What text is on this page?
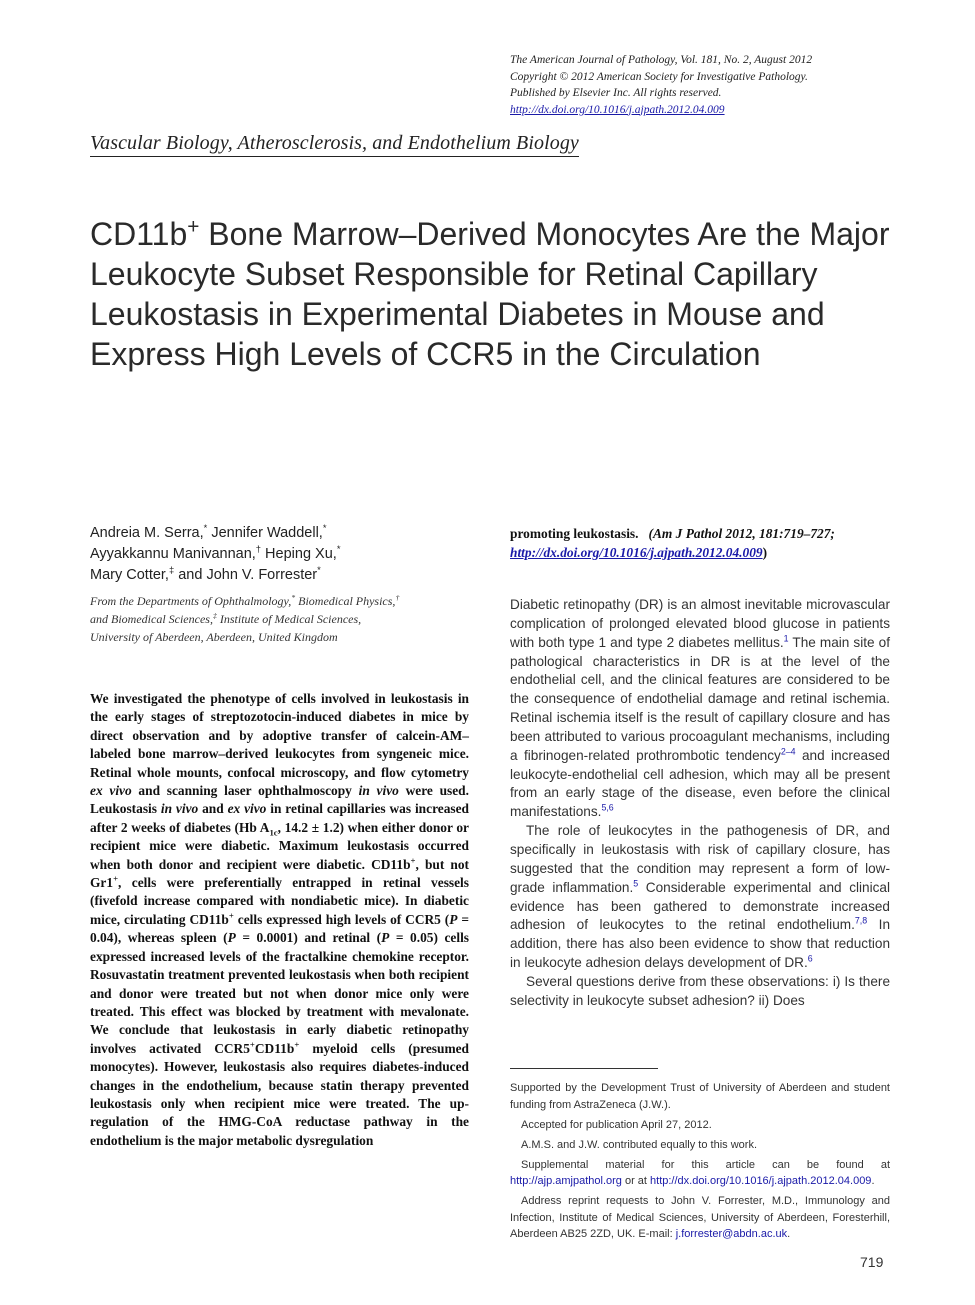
The American Journal of Pathology, Vol. 181, No. 2, August 2012
Copyright © 2012 American Society for Investigative Pathology.
Published by Elsevier Inc. All rights reserved.
http://dx.doi.org/10.1016/j.ajpath.2012.04.009
Vascular Biology, Atherosclerosis, and Endothelium Biology
CD11b+ Bone Marrow–Derived Monocytes Are the Major Leukocyte Subset Responsible for Retinal Capillary Leukostasis in Experimental Diabetes in Mouse and Express High Levels of CCR5 in the Circulation
Andreia M. Serra,* Jennifer Waddell,*
Ayyakkannu Manivannan,† Heping Xu,*
Mary Cotter,‡ and John V. Forrester*
From the Departments of Ophthalmology,* Biomedical Physics,†
and Biomedical Sciences,‡ Institute of Medical Sciences,
University of Aberdeen, Aberdeen, United Kingdom

We investigated the phenotype of cells involved in leukostasis in the early stages of streptozotocin-induced diabetes in mice by direct observation and by adoptive transfer of calcein-AM–labeled bone marrow–derived leukocytes from syngeneic mice. Retinal whole mounts, confocal microscopy, and flow cytometry ex vivo and scanning laser ophthalmoscopy in vivo were used. Leukostasis in vivo and ex vivo in retinal capillaries was increased after 2 weeks of diabetes (Hb $A_{1c}$, 14.2 ± 1.2) when either donor or recipient mice were diabetic. Maximum leukostasis occurred when both donor and recipient were diabetic. CD11b+, but not Gr1+, cells were preferentially entrapped in retinal vessels (fivefold increase compared with nondiabetic mice). In diabetic mice, circulating CD11b+ cells expressed high levels of CCR5 (P = 0.04), whereas spleen (P = 0.0001) and retinal (P = 0.05) cells expressed increased levels of the fractalkine chemokine receptor. Rosuvastatin treatment prevented leukostasis when both recipient and donor were treated but not when donor mice only were treated. This effect was blocked by treatment with mevalonate. We conclude that leukostasis in early diabetic retinopathy involves activated CCR5+CD11b+ myeloid cells (presumed monocytes). However, leukostasis also requires diabetes-induced changes in the endothelium, because statin therapy prevented leukostasis only when recipient mice were treated. The up-regulation of the HMG-CoA reductase pathway in the endothelium is the major metabolic dysregulation

promoting leukostasis. (Am J Pathol 2012, 181:719–727;
http://dx.doi.org/10.1016/j.ajpath.2012.04.009)

Diabetic retinopathy (DR) is an almost inevitable microvascular complication of prolonged elevated blood glucose in patients with both type 1 and type 2 diabetes mellitus.$^1$ The main site of pathological characteristics in DR is at the level of the endothelial cell, and the clinical features are considered to be the consequence of endothelial damage and retinal ischemia. Retinal ischemia itself is the result of capillary closure and has been attributed to various procoagulant mechanisms, including a fibrinogen-related prothrombotic tendency$^{2-4}$ and increased leukocyte-endothelial cell adhesion, which may all be present from an early stage of the disease, even before the clinical manifestations.$^{5,6}$

The role of leukocytes in the pathogenesis of DR, and specifically in leukostasis with risk of capillary closure, has suggested that the condition may represent a form of low-grade inflammation.$^5$ Considerable experimental and clinical evidence has been gathered to demonstrate increased adhesion of leukocytes to the retinal endothelium.$^{7,8}$ In addition, there has also been evidence to show that reduction in leukocyte adhesion delays development of DR.$^6$

Several questions derive from these observations: i) Is there selectivity in leukocyte subset adhesion? ii) Does

Supported by the Development Trust of University of Aberdeen and student funding from AstraZeneca (J.W.).

Accepted for publication April 27, 2012.

A.M.S. and J.W. contributed equally to this work.

Supplemental material for this article can be found at http://ajp.amjpathol.org or at http://dx.doi.org/10.1016/j.ajpath.2012.04.009.

Address reprint requests to John V. Forrester, M.D., Immunology and Infection, Institute of Medical Sciences, University of Aberdeen, Foresterhill, Aberdeen AB25 2ZD, UK. E-mail: j.forrester@abdn.ac.uk.

719
